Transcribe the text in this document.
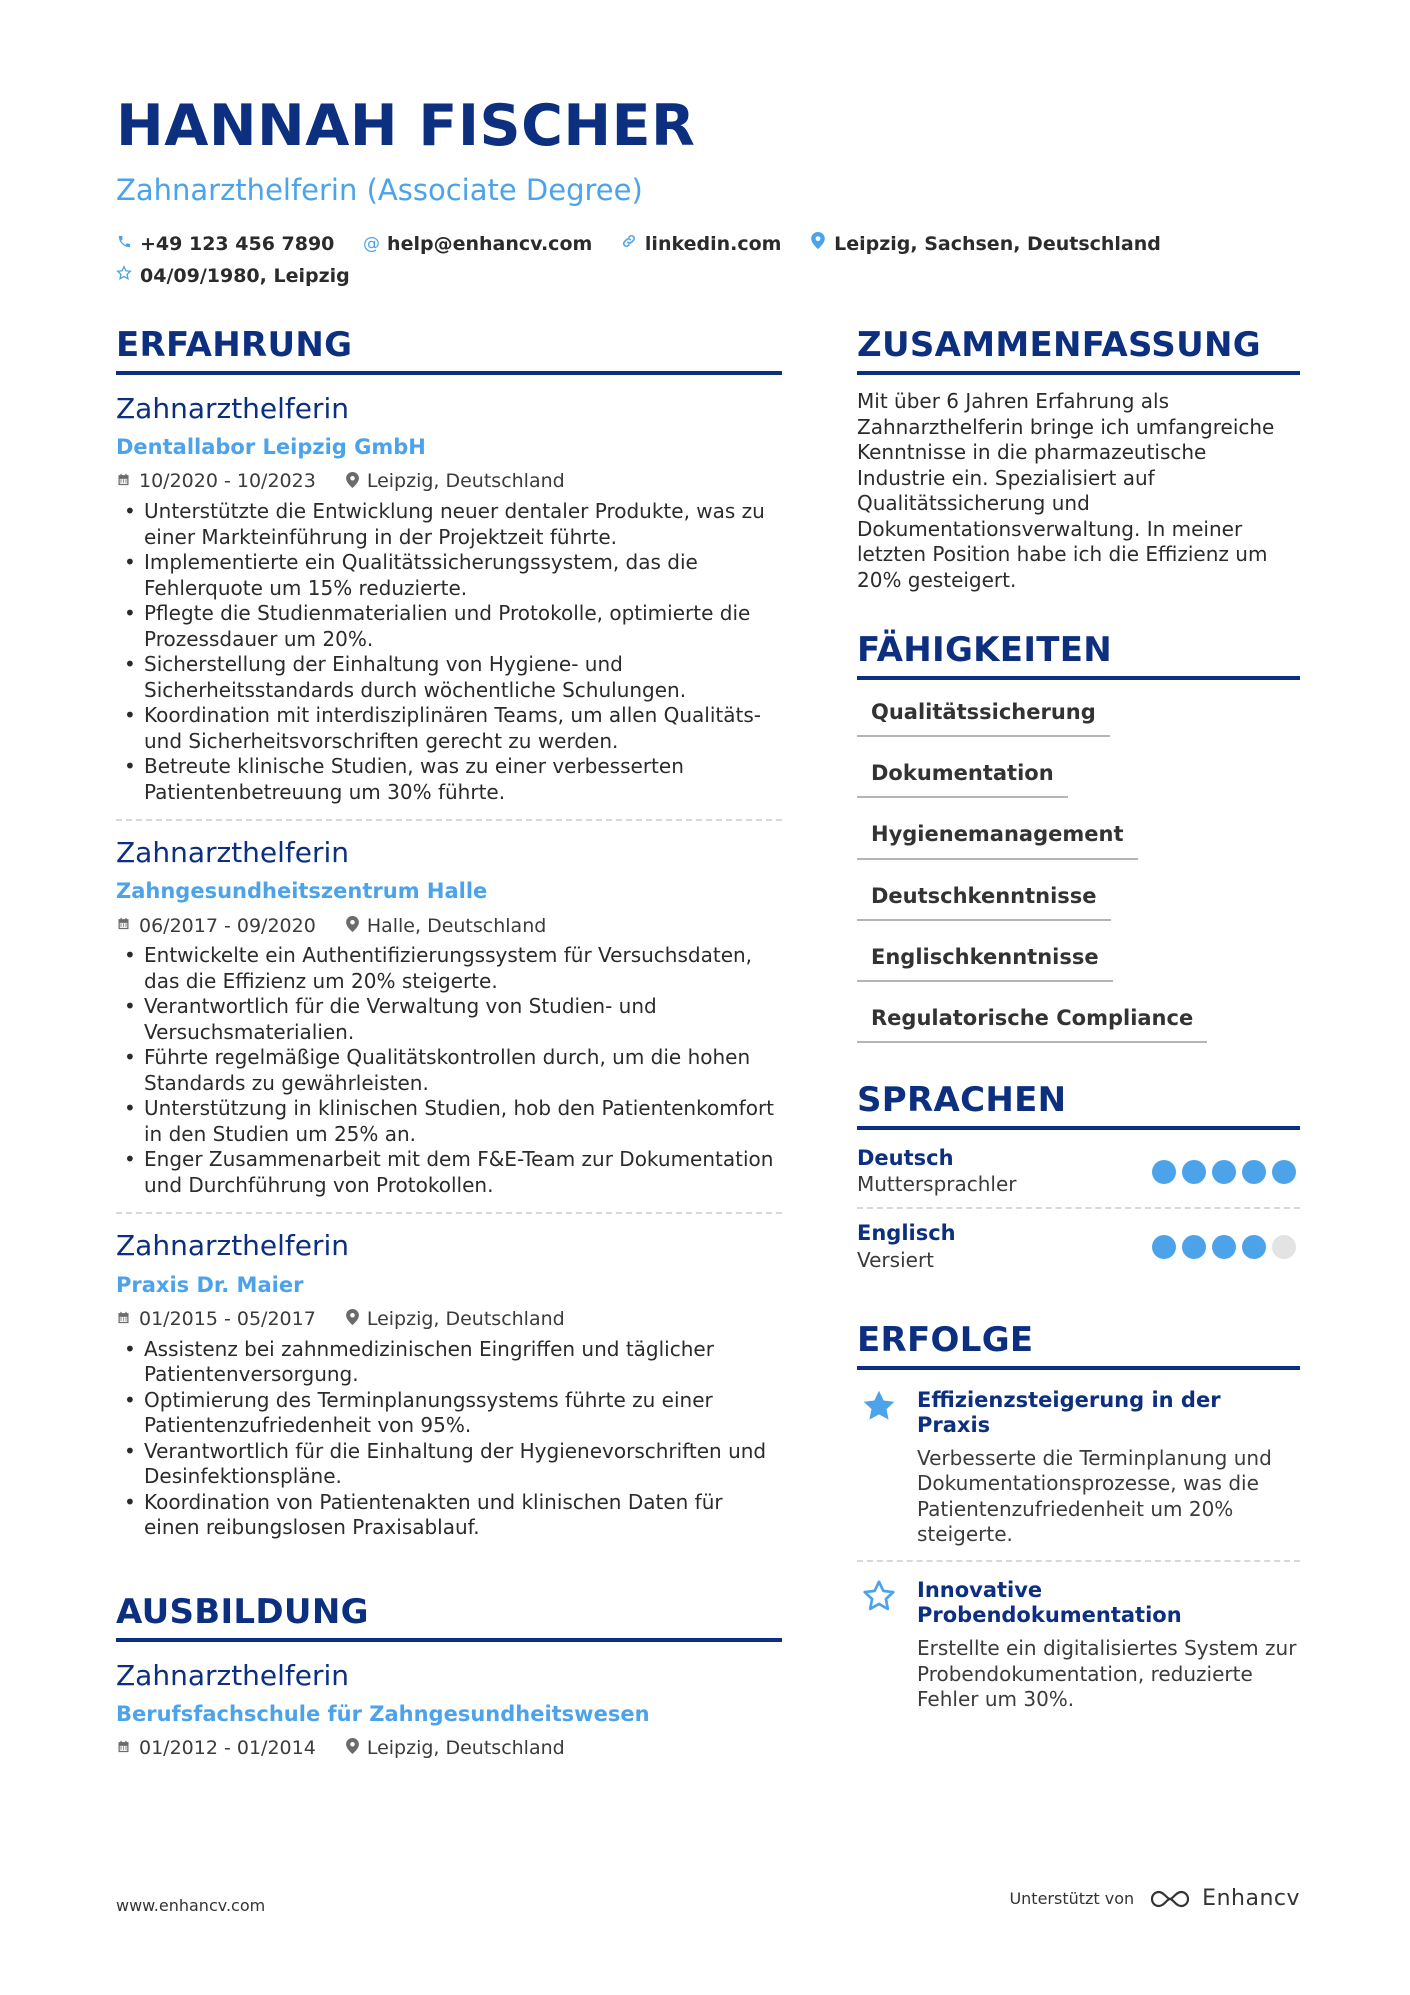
HANNAH FISCHER
Zahnarzthelferin (Associate Degree)
+49 123 456 7890
@ help@enhancv.com
	linkedin.com
	Leipzig, Sachsen, Deutschland

04/09/1980, Leipzig
ERFAHRUNG
Zahnarzthelferin
Dentallabor Leipzig GmbH
10/2020 - 10/2023	Leipzig, Deutschland
• Unterstützte die Entwicklung neuer dentaler Produkte, was zu einer Markteinführung in der Projektzeit führte.
• Implementierte ein Qualitätssicherungssystem, das die Fehlerquote um 15% reduzierte.
• Pflegte die Studienmaterialien und Protokolle, optimierte die Prozessdauer um 20%.
• Sicherstellung der Einhaltung von Hygiene- und Sicherheitsstandards durch wöchentliche Schulungen.
• Koordination mit interdisziplinären Teams, um allen Qualitäts- und Sicherheitsvorschriften gerecht zu werden.
• Betreute klinische Studien, was zu einer verbesserten Patientenbetreuung um 30% führte.
Zahnarzthelferin
Zahngesundheitszentrum Halle
06/2017 - 09/2020	Halle, Deutschland
• Entwickelte ein Authentifizierungssystem für Versuchsdaten, das die Effizienz um 20% steigerte.
• Verantwortlich für die Verwaltung von Studien- und Versuchsmaterialien.
• Führte regelmäßige Qualitätskontrollen durch, um die hohen Standards zu gewährleisten.
• Unterstützung in klinischen Studien, hob den Patientenkomfort in den Studien um 25% an.
• Enger Zusammenarbeit mit dem F&E-Team zur Dokumentation und Durchführung von Protokollen.
Zahnarzthelferin
Praxis Dr. Maier
01/2015 - 05/2017	Leipzig, Deutschland
• Assistenz bei zahnmedizinischen Eingriffen und täglicher Patientenversorgung.
• Optimierung des Terminplanungssystems führte zu einer Patientenzufriedenheit von 95%.
• Verantwortlich für die Einhaltung der Hygienevorschriften und Desinfektionspläne.
• Koordination von Patientenakten und klinischen Daten für einen reibungslosen Praxisablauf.
AUSBILDUNG
Zahnarzthelferin
Berufsfachschule für Zahngesundheitswesen
01/2012 - 01/2014	Leipzig, Deutschland
ZUSAMMENFASSUNG
Mit über 6 Jahren Erfahrung als Zahnarzthelferin bringe ich umfangreiche Kenntnisse in die pharmazeutische Industrie ein. Spezialisiert auf Qualitätssicherung und Dokumentationsverwaltung. In meiner letzten Position habe ich die Effizienz um 20% gesteigert.
FÄHIGKEITEN
Qualitätssicherung
Dokumentation
Hygienemanagement
Deutschkenntnisse
Englischkenntnisse
Regulatorische Compliance
SPRACHEN
Deutsch
Muttersprachler
Englisch
Versiert
ERFOLGE
Effizienzsteigerung in der Praxis
Verbesserte die Terminplanung und Dokumentationsprozesse, was die Patientenzufriedenheit um 20% steigerte.
Innovative Probendokumentation
Erstellte ein digitalisiertes System zur Probendokumentation, reduzierte Fehler um 30%.
www.enhancv.com	Unterstützt von	Enhancv
